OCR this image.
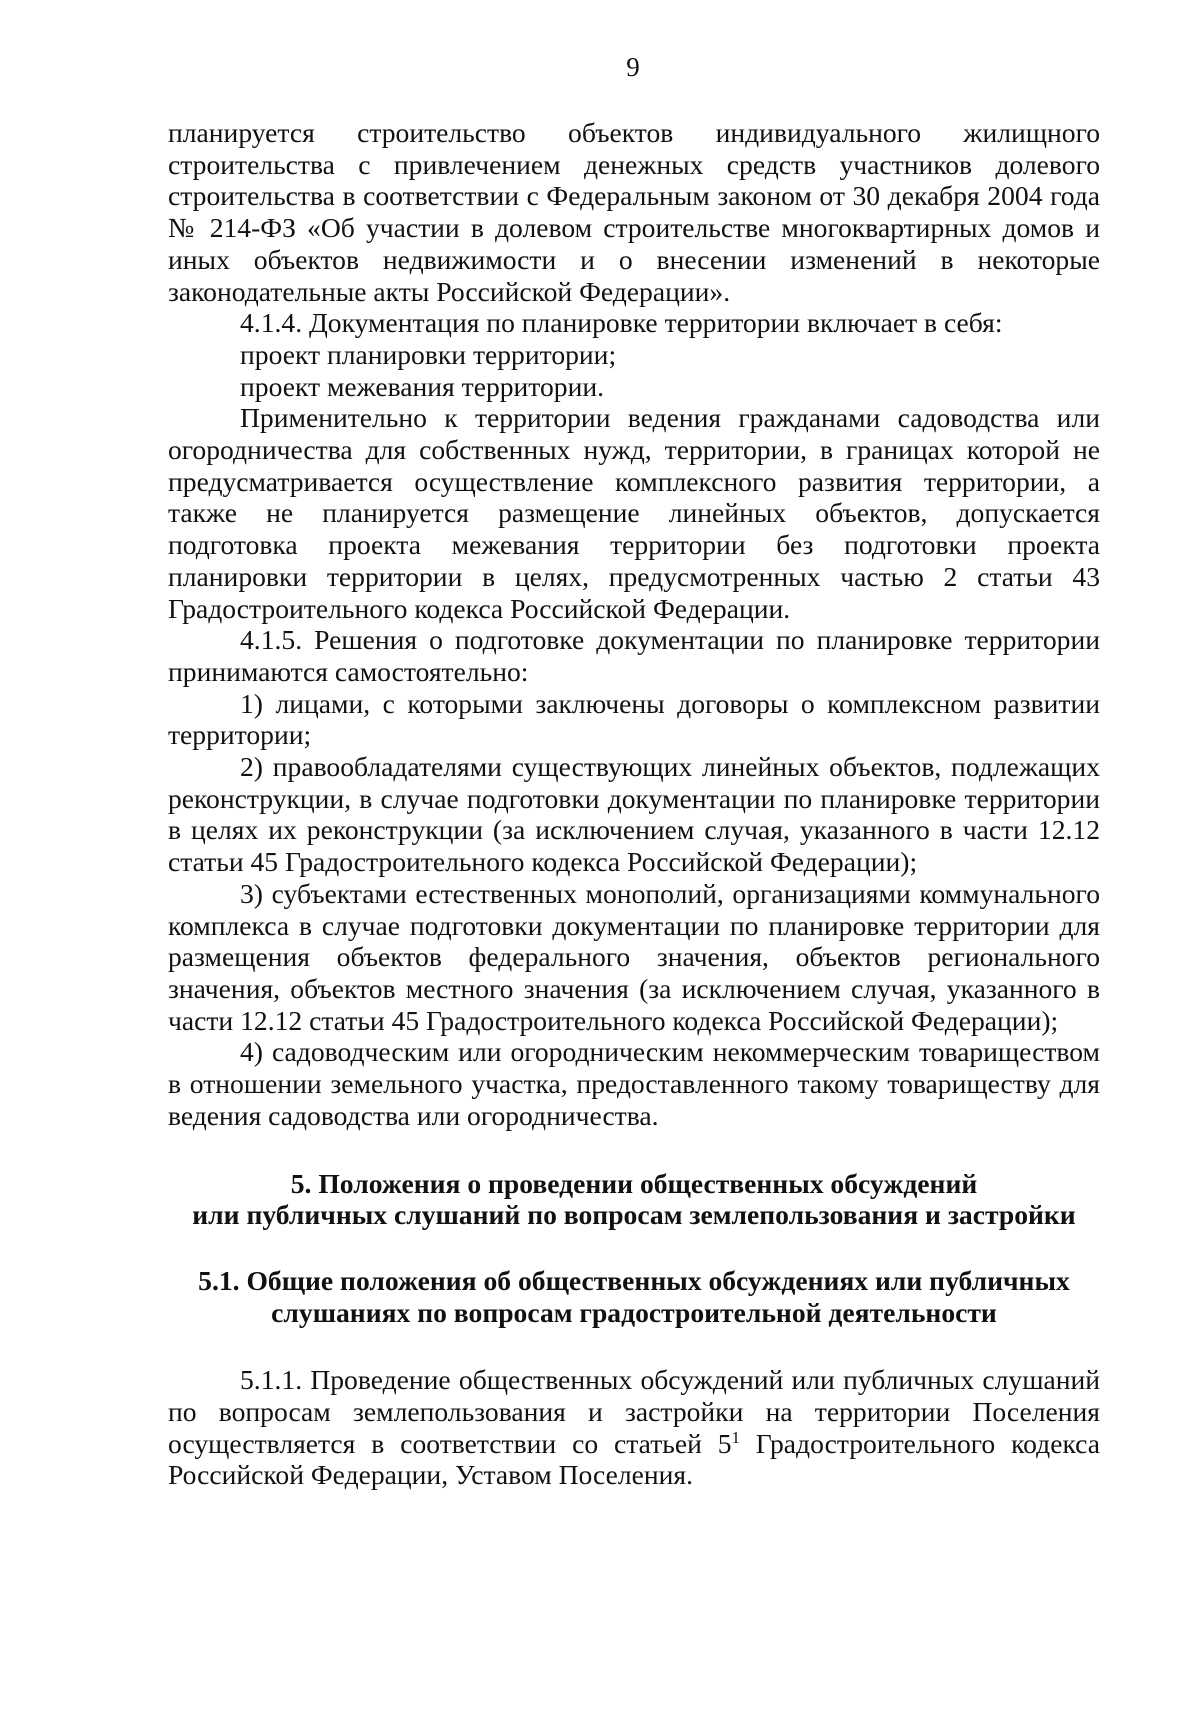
9

планируется строительство объектов индивидуального жилищного строительства с привлечением денежных средств участников долевого строительства в соответствии с Федеральным законом от 30 декабря 2004 года № 214-ФЗ «Об участии в долевом строительстве многоквартирных домов и иных объектов недвижимости и о внесении изменений в некоторые законодательные акты Российской Федерации».

4.1.4. Документация по планировке территории включает в себя:

проект планировки территории;

проект межевания территории.

Применительно к территории ведения гражданами садоводства или огородничества для собственных нужд, территории, в границах которой не предусматривается осуществление комплексного развития территории, а также не планируется размещение линейных объектов, допускается подготовка проекта межевания территории без подготовки проекта планировки территории в целях, предусмотренных частью 2 статьи 43 Градостроительного кодекса Российской Федерации.

4.1.5. Решения о подготовке документации по планировке территории принимаются самостоятельно:

1) лицами, с которыми заключены договоры о комплексном развитии территории;

2) правообладателями существующих линейных объектов, подлежащих реконструкции, в случае подготовки документации по планировке территории в целях их реконструкции (за исключением случая, указанного в части 12.12 статьи 45 Градостроительного кодекса Российской Федерации);

3) субъектами естественных монополий, организациями коммунального комплекса в случае подготовки документации по планировке территории для размещения объектов федерального значения, объектов регионального значения, объектов местного значения (за исключением случая, указанного в части 12.12 статьи 45 Градостроительного кодекса Российской Федерации);

4) садоводческим или огородническим некоммерческим товариществом в отношении земельного участка, предоставленного такому товариществу для ведения садоводства или огородничества.

5. Положения о проведении общественных обсуждений
или публичных слушаний по вопросам землепользования и застройки

5.1. Общие положения об общественных обсуждениях или публичных
слушаниях по вопросам градостроительной деятельности

5.1.1. Проведение общественных обсуждений или публичных слушаний по вопросам землепользования и застройки на территории Поселения осуществляется в соответствии со статьей $5^1$ Градостроительного кодекса Российской Федерации, Уставом Поселения.
